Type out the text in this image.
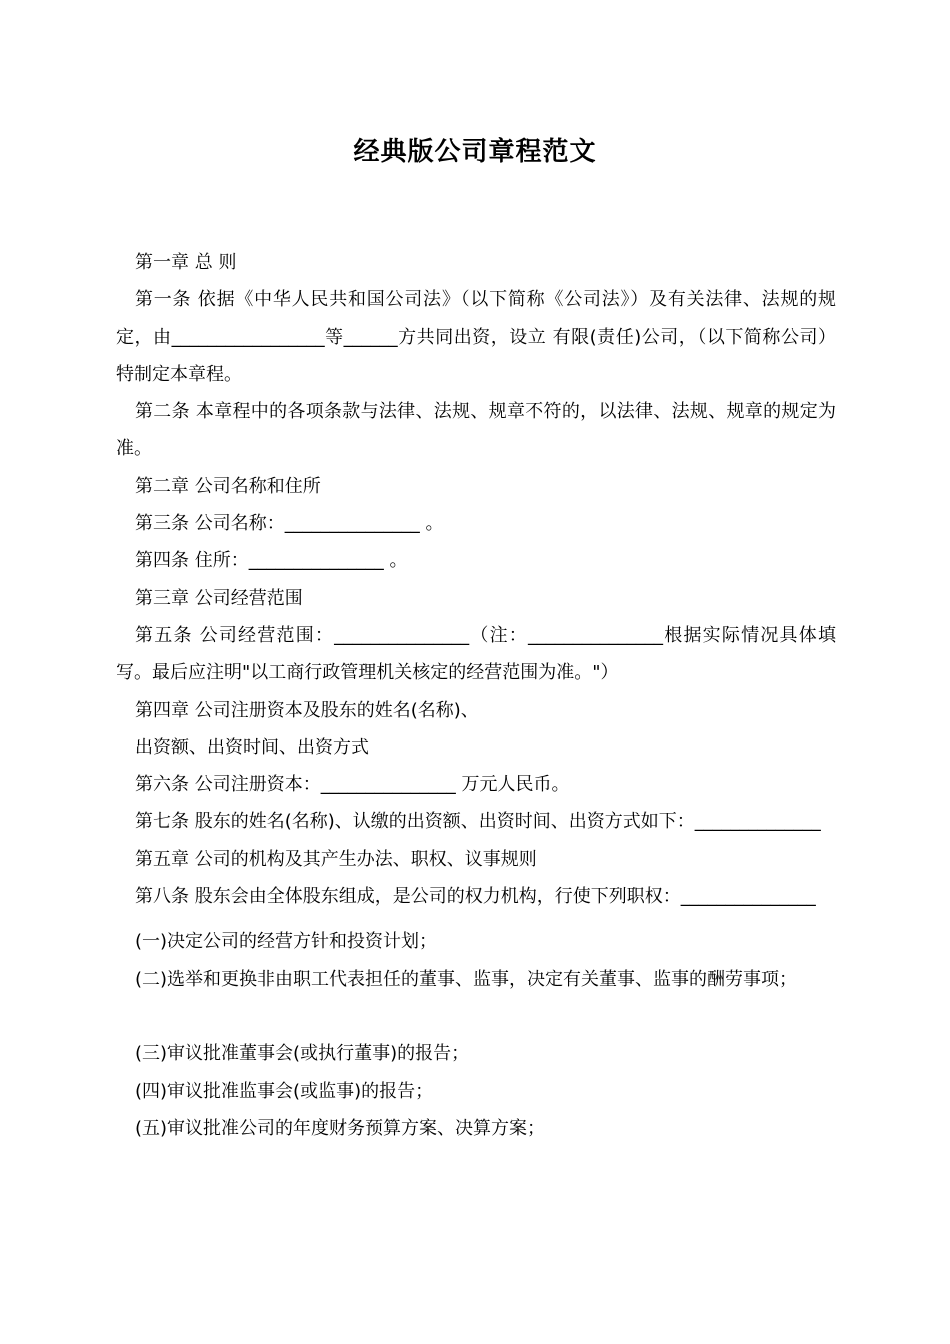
经典版公司章程范文

第一章 总 则

第一条 依据《中华人民共和国公司法》（以下简称《公司法》）及有关法律、法规的规定，由_________________等______方共同出资，设立 有限(责任)公司，（以下简称公司）特制定本章程。

第二条 本章程中的各项条款与法律、法规、规章不符的，以法律、法规、规章的规定为准。

第二章 公司名称和住所

第三条 公司名称：_______________ 。

第四条 住所：_______________ 。

第三章 公司经营范围

第五条 公司经营范围：_______________（注：_______________根据实际情况具体填写。最后应注明"以工商行政管理机关核定的经营范围为准。"）

第四章 公司注册资本及股东的姓名(名称)、

出资额、出资时间、出资方式

第六条 公司注册资本：_______________ 万元人民币。

第七条 股东的姓名(名称)、认缴的出资额、出资时间、出资方式如下：______________

第五章 公司的机构及其产生办法、职权、议事规则

第八条 股东会由全体股东组成，是公司的权力机构，行使下列职权：_______________

(一)决定公司的经营方针和投资计划；

(二)选举和更换非由职工代表担任的董事、监事，决定有关董事、监事的酬劳事项；

(三)审议批准董事会(或执行董事)的报告；

(四)审议批准监事会(或监事)的报告；

(五)审议批准公司的年度财务预算方案、决算方案；
